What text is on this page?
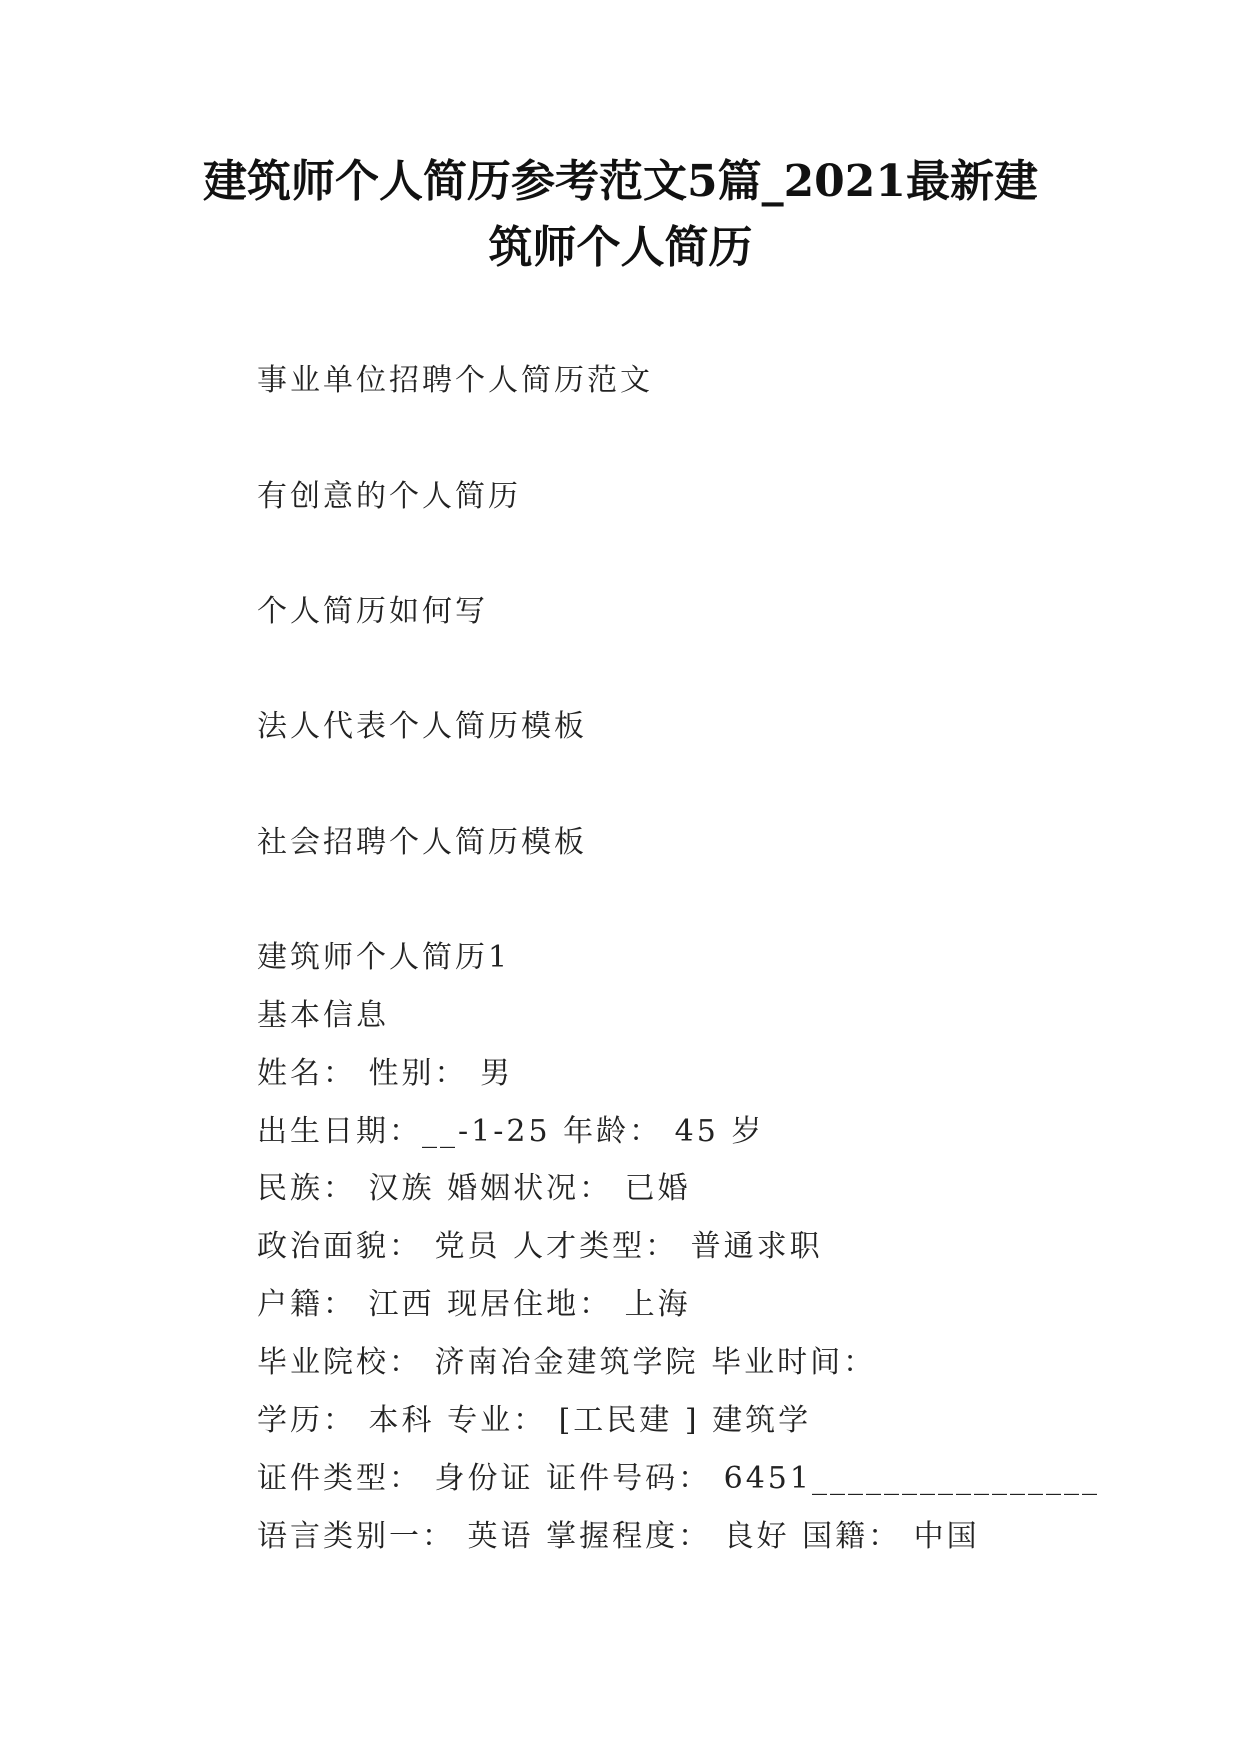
建筑师个人简历参考范文5篇_2021最新建
筑师个人简历
事业单位招聘个人简历范文
有创意的个人简历
个人简历如何写
法人代表个人简历模板
社会招聘个人简历模板
建筑师个人简历1
基本信息
姓名： 性别： 男
出生日期：__-1-25 年龄： 45 岁
民族： 汉族 婚姻状况： 已婚
政治面貌： 党员 人才类型： 普通求职
户籍： 江西 现居住地： 上海
毕业院校： 济南冶金建筑学院 毕业时间：
学历： 本科 专业： [工民建 ] 建筑学
证件类型： 身份证 证件号码： 6451________________
语言类别一： 英语 掌握程度： 良好 国籍： 中国
